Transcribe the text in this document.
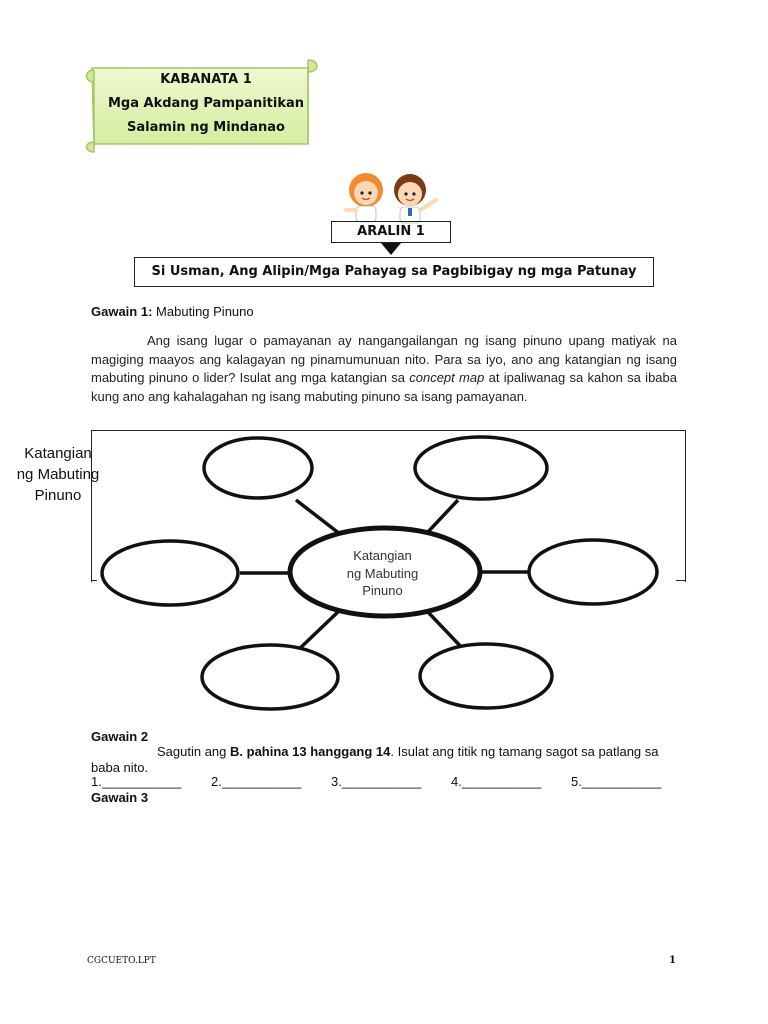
KABANATA 1
Mga Akdang Pampanitikan
Salamin ng Mindanao
ARALIN 1
Si Usman, Ang Alipin/Mga Pahayag sa Pagbibigay ng mga Patunay
Gawain 1: Mabuting Pinuno
Ang isang lugar o pamayanan ay nangangailangan ng isang pinuno upang matiyak na magiging maayos ang kalagayan ng pinamumunuan nito. Para sa iyo, ano ang katangian ng isang mabuting pinuno o lider? Isulat ang mga katangian sa concept map at ipaliwanag sa kahon sa ibaba kung ano ang kahalagahan ng isang mabuting pinuno sa isang pamayanan.
Katangian
ng Mabuting
Pinuno
Katangian
ng Mabuting
Pinuno
Gawain 2
Sagutin ang B. pahina 13 hanggang 14. Isulat ang titik ng tamang sagot sa patlang sa baba nito.
1.___________	2.___________	3.___________	4.___________	5.___________
Gawain 3
CGCUETO.LPT	1
